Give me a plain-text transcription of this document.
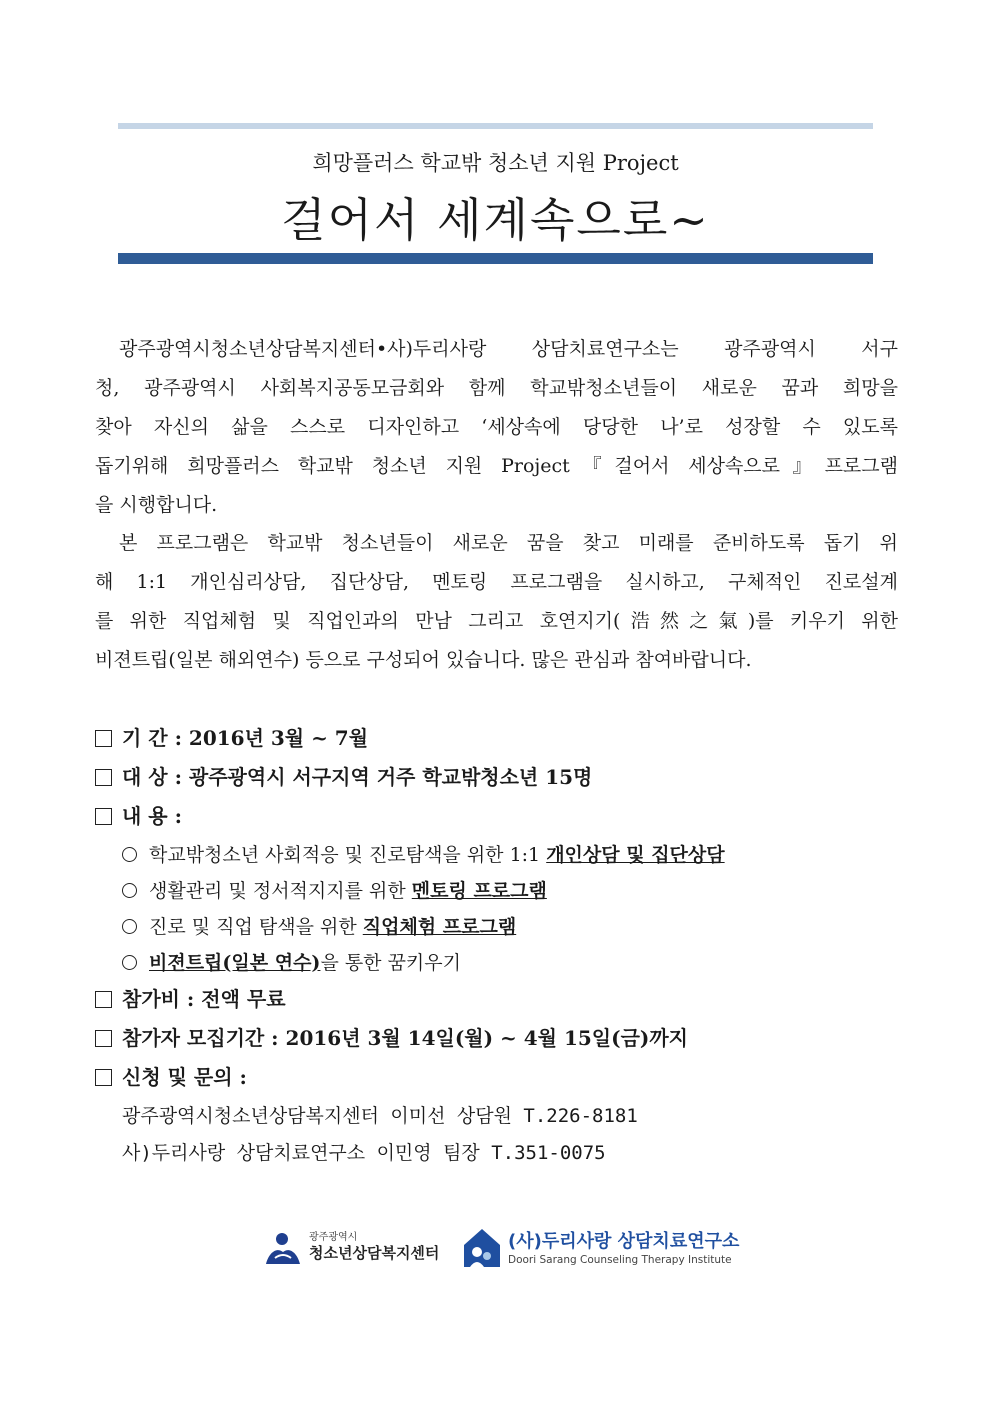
희망플러스 학교밖 청소년 지원 Project
걸어서 세계속으로~
광주광역시청소년상담복지센터•사)두리사랑 상담치료연구소는 광주광역시 서구
청, 광주광역시 사회복지공동모금회와 함께 학교밖청소년들이 새로운 꿈과 희망을
찾아 자신의 삶을 스스로 디자인하고 ‘세상속에 당당한 나’로 성장할 수 있도록
돕기위해 희망플러스 학교밖 청소년 지원 Project『걸어서 세상속으로』프로그램
을 시행합니다.
본 프로그램은 학교밖 청소년들이 새로운 꿈을 찾고 미래를 준비하도록 돕기 위
해 1:1 개인심리상담, 집단상담, 멘토링 프로그램을 실시하고, 구체적인 진로설계
를 위한 직업체험 및 직업인과의 만남 그리고 호연지기(浩然之氣)를 키우기 위한
비젼트립(일본 해외연수) 등으로 구성되어 있습니다. 많은 관심과 참여바랍니다.
기 간 : 2016년 3월 ~ 7월
대 상 : 광주광역시 서구지역 거주 학교밖청소년 15명
내 용 :
학교밖청소년 사회적응 및 진로탐색을 위한 1:1 개인상담 및 집단상담
생활관리 및 정서적지지를 위한 멘토링 프로그램
진로 및 직업 탐색을 위한 직업체험 프로그램
비젼트립(일본 연수)을 통한 꿈키우기
참가비 : 전액 무료
참가자 모집기간 : 2016년 3월 14일(월) ~ 4월 15일(금)까지
신청 및 문의 :
광주광역시청소년상담복지센터 이미선 상담원 T.226-8181
사)두리사랑 상담치료연구소 이민영 팀장 T.351-0075
광주광역시
청소년상담복지센터
(사)두리사랑 상담치료연구소
Doori Sarang Counseling Therapy Institute
